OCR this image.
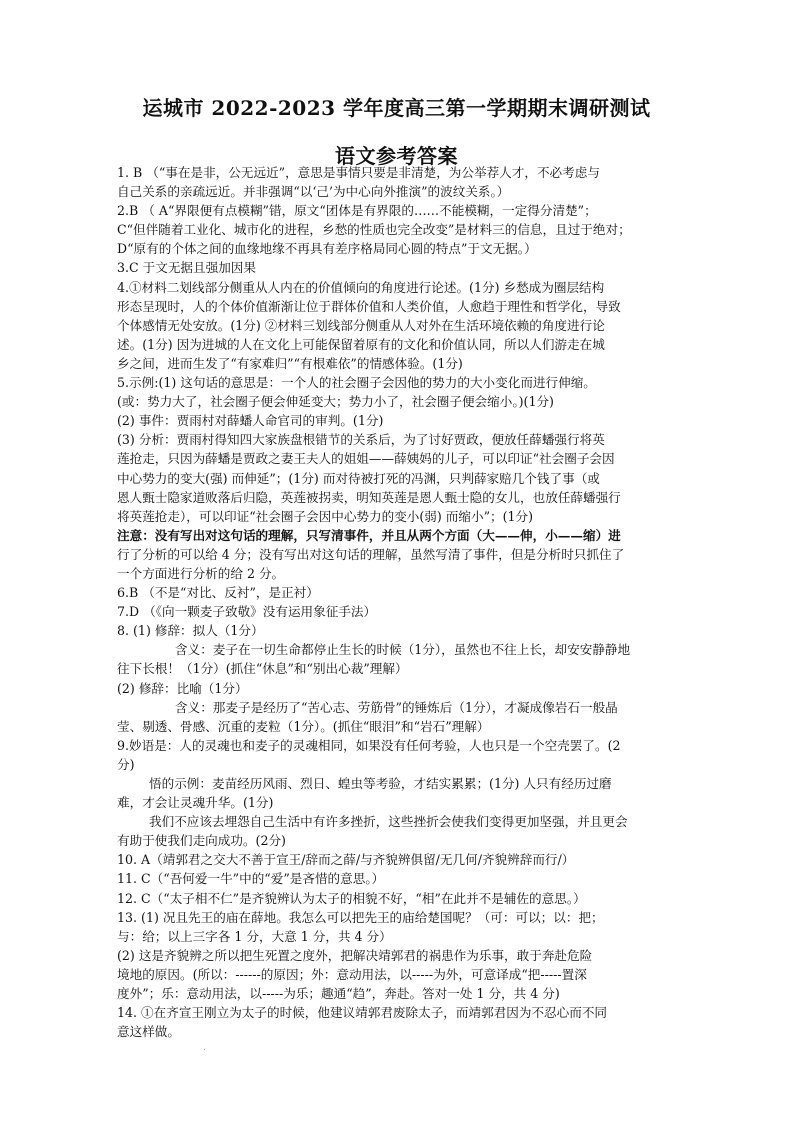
运城市 2022-2023 学年度高三第一学期期末调研测试
语文参考答案
1. B （“事在是非，公无远近”，意思是事情只要是非清楚，为公举荐人才，不必考虑与
自己关系的亲疏远近。并非强调“以‘己’为中心向外推演”的波纹关系。）
2.B （ A“界限便有点模糊”错，原文“团体是有界限的……不能模糊，一定得分清楚”；
C“但伴随着工业化、城市化的进程，乡愁的性质也完全改变”是材料三的信息，且过于绝对；
D“原有的个体之间的血缘地缘不再具有差序格局同心圆的特点”于文无据。）
3.C 于文无据且强加因果
4.①材料二划线部分侧重从人内在的价值倾向的角度进行论述。(1分) 乡愁成为圈层结构
形态呈现时，人的个体价值渐渐让位于群体价值和人类价值，人愈趋于理性和哲学化，导致
个体感情无处安放。(1分) ②材料三划线部分侧重从人对外在生活环境依赖的角度进行论
述。(1分) 因为进城的人在文化上可能保留着原有的文化和价值认同，所以人们游走在城
乡之间，进而生发了“有家难归”“有根难依”的情感体验。(1分)
5.示例:(1) 这句话的意思是：一个人的社会圈子会因他的势力的大小变化而进行伸缩。
(或：势力大了，社会圈子便会伸延变大；势力小了，社会圈子便会缩小。)(1分)
(2) 事件：贾雨村对薛蟠人命官司的审判。(1分)
(3) 分析：贾雨村得知四大家族盘根错节的关系后，为了讨好贾政，便放任薛蟠强行将英
莲抢走，只因为薛蟠是贾政之妻王夫人的姐姐——薛姨妈的儿子，可以印证“社会圈子会因
中心势力的变大(强) 而伸延”；(1分) 而对待被打死的冯渊，只判薛家赔几个钱了事（或
恩人甄士隐家道败落后归隐，英莲被拐卖，明知英莲是恩人甄士隐的女儿，也放任薛蟠强行
将英莲抢走），可以印证“社会圈子会因中心势力的变小(弱) 而缩小”；(1分)
注意：没有写出对这句话的理解，只写清事件，并且从两个方面（大——伸，小——缩）进
行了分析的可以给 4 分；没有写出对这句话的理解，虽然写清了事件，但是分析时只抓住了
一个方面进行分析的给 2 分。
6.B （不是“对比、反衬”，是正衬）
7.D （《向一颗麦子致敬》没有运用象征手法）
8. (1) 修辞：拟人（1分）
含义：麦子在一切生命都停止生长的时候（1分），虽然也不往上长，却安安静静地
往下长根！（1分）(抓住“休息”和“别出心裁”理解）
(2) 修辞：比喻（1分）
含义：那麦子是经历了“苦心志、劳筋骨”的锤炼后（1分），才凝成像岩石一般晶
莹、剔透、骨感、沉重的麦粒（1分）。(抓住“眼泪”和“岩石”理解）
9.妙语是：人的灵魂也和麦子的灵魂相同，如果没有任何考验，人也只是一个空壳罢了。(2
分)
悟的示例：麦苗经历风雨、烈日、蝗虫等考验，才结实累累；(1分) 人只有经历过磨
难，才会让灵魂升华。(1分)
我们不应该去埋怨自己生活中有许多挫折，这些挫折会使我们变得更加坚强，并且更会
有助于使我们走向成功。(2分)
10. A（靖郭君之交大不善于宣王/辞而之薛/与齐貌辨俱留/无几何/齐貌辨辞而行/）
11. C（“吾何爱一牛”中的“爱”是吝惜的意思。）
12. C（“太子相不仁”是齐貌辨认为太子的相貌不好，“相”在此并不是辅佐的意思。）
13. (1) 况且先王的庙在薛地。我怎么可以把先王的庙给楚国呢？（可：可以；以：把；
与：给；以上三字各 1 分，大意 1 分，共 4 分）
(2) 这是齐貌辨之所以把生死置之度外，把解决靖郭君的祸患作为乐事，敢于奔赴危险
境地的原因。(所以：------的原因；外：意动用法，以-----为外，可意译成“把-----置深
度外”；乐：意动用法，以-----为乐；趣通“趋”，奔赴。答对一处 1 分，共 4 分)
14. ①在齐宣王刚立为太子的时候，他建议靖郭君废除太子，而靖郭君因为不忍心而不同
意这样做。
.
